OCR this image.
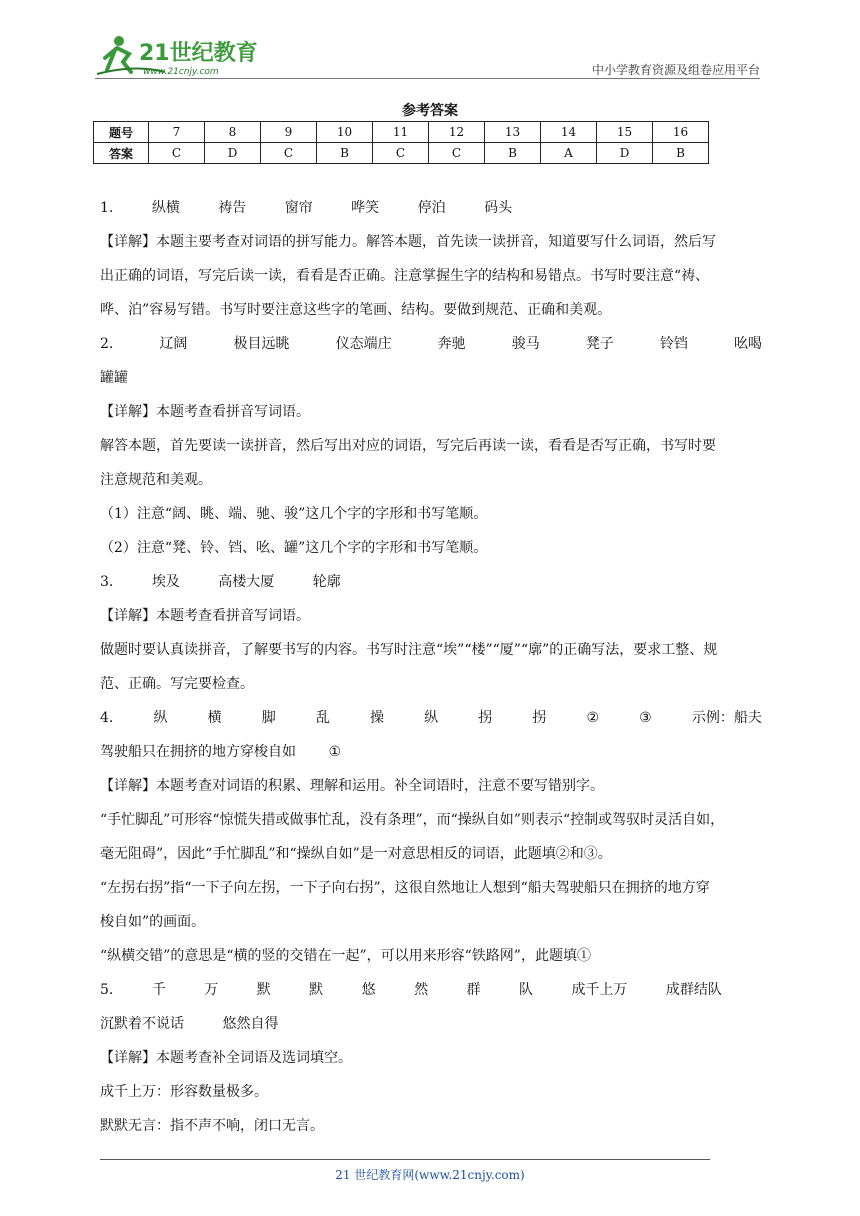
21世纪教育
www.21cnjy.com	中小学教育资源及组卷应用平台
参考答案
题号	7	8	9	10	11	12	13	14	15	16
答案	C	D	C	B	C	C	B	A	D	B
1.	纵横	祷告	窗帘	哗笑	停泊	码头
【详解】本题主要考查对词语的拼写能力。解答本题，首先读一读拼音，知道要写什么词语，然后写
出正确的词语，写完后读一读，看看是否正确。注意掌握生字的结构和易错点。书写时要注意“祷、
哗、泊”容易写错。书写时要注意这些字的笔画、结构。要做到规范、正确和美观。
2.	辽阔	极目远眺	仪态端庄	奔驰	骏马	凳子	铃铛	吆喝
罐罐
【详解】本题考查看拼音写词语。
解答本题，首先要读一读拼音，然后写出对应的词语，写完后再读一读，看看是否写正确，书写时要
注意规范和美观。
（1）注意“阔、眺、端、驰、骏”这几个字的字形和书写笔顺。
（2）注意“凳、铃、铛、吆、罐”这几个字的字形和书写笔顺。
3.	埃及	高楼大厦	轮廓
【详解】本题考查看拼音写词语。
做题时要认真读拼音，了解要书写的内容。书写时注意“埃”“楼”“厦”“廓”的正确写法，要求工整、规
范、正确。写完要检查。
4.	纵	横	脚	乱	操	纵	拐	拐	②	③	示例：船夫
驾驶船只在拥挤的地方穿梭自如 ①
【详解】本题考查对词语的积累、理解和运用。补全词语时，注意不要写错别字。
“手忙脚乱”可形容“惊慌失措或做事忙乱，没有条理”，而“操纵自如”则表示“控制或驾驭时灵活自如，
毫无阻碍”，因此“手忙脚乱”和“操纵自如”是一对意思相反的词语，此题填②和③。
“左拐右拐”指“一下子向左拐，一下子向右拐”，这很自然地让人想到“船夫驾驶船只在拥挤的地方穿
梭自如”的画面。
“纵横交错”的意思是“横的竖的交错在一起”，可以用来形容“铁路网”，此题填①
5.	千	万	默	默	悠	然	群	队	成千上万	成群结队
沉默着不说话	悠然自得
【详解】本题考查补全词语及选词填空。
成千上万：形容数量极多。
默默无言：指不声不响，闭口无言。
21 世纪教育网(www.21cnjy.com)
